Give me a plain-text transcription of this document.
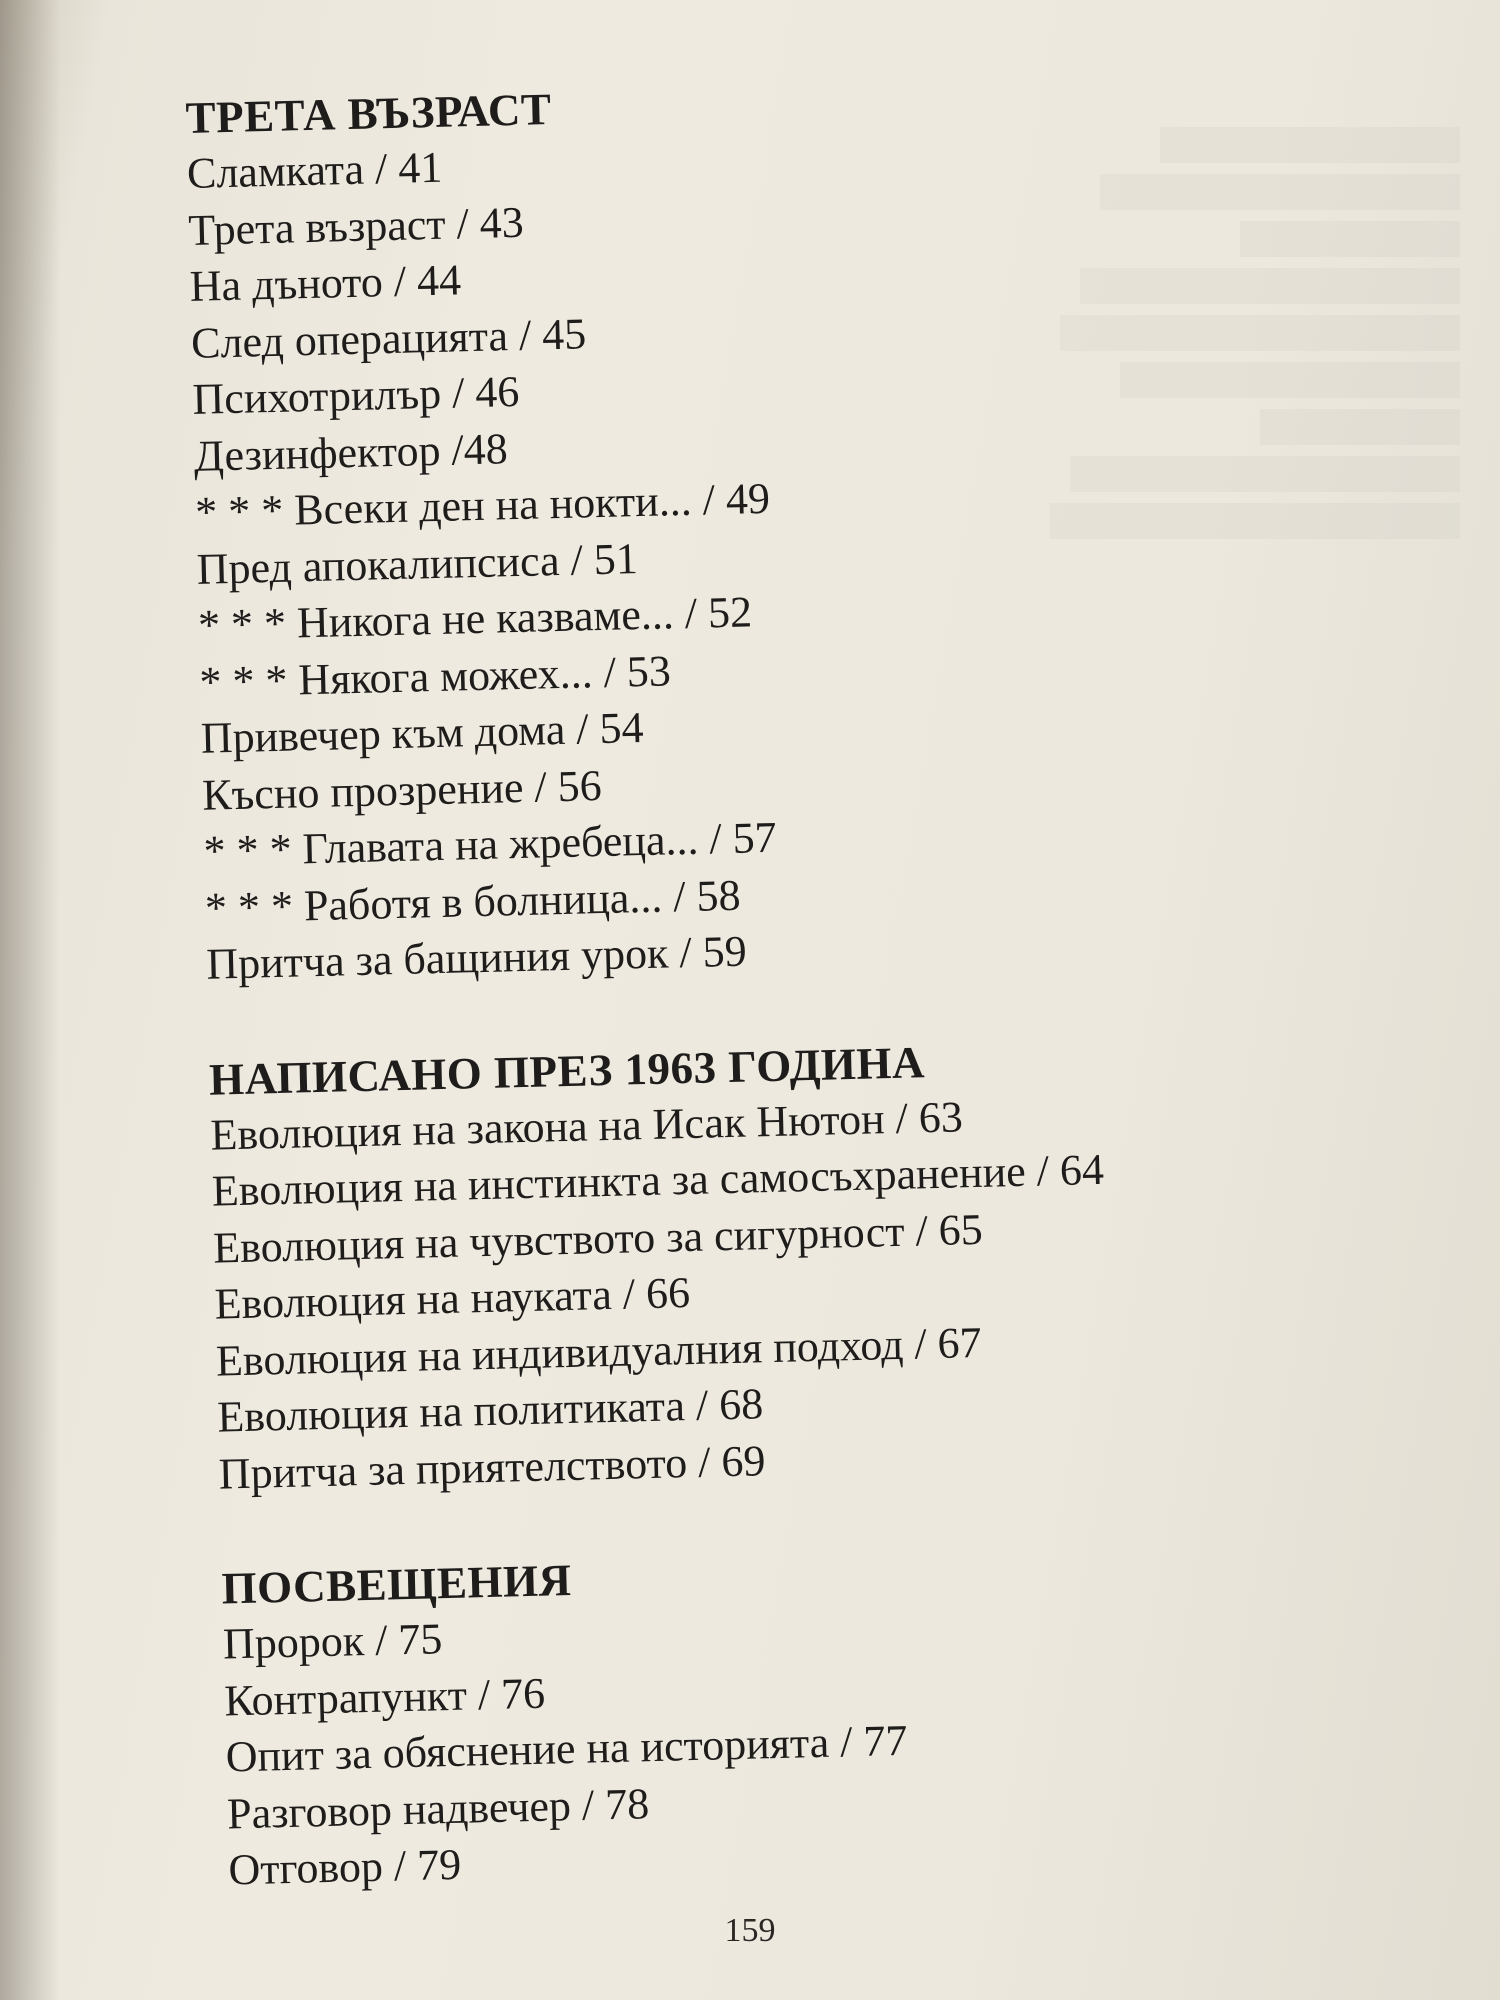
ТРЕТА ВЪЗРАСТ
Сламката / 41
Трета възраст / 43
На дъното / 44
След операцията / 45
Психотрилър / 46
Дезинфектор /48
* * * Всеки ден на нокти... / 49
Пред апокалипсиса / 51
* * * Никога не казваме... / 52
* * * Някога можех... / 53
Привечер към дома / 54
Късно прозрение / 56
* * * Главата на жребеца... / 57
* * * Работя в болница... / 58
Притча за бащиния урок / 59
НАПИСАНО ПРЕЗ 1963 ГОДИНА
Еволюция на закона на Исак Нютон / 63
Еволюция на инстинкта за самосъхранение / 64
Еволюция на чувството за сигурност / 65
Еволюция на науката / 66
Еволюция на индивидуалния подход / 67
Еволюция на политиката / 68
Притча за приятелството / 69
ПОСВЕЩЕНИЯ
Пророк / 75
Контрапункт / 76
Опит за обяснение на историята / 77
Разговор надвечер / 78
Отговор / 79
159
